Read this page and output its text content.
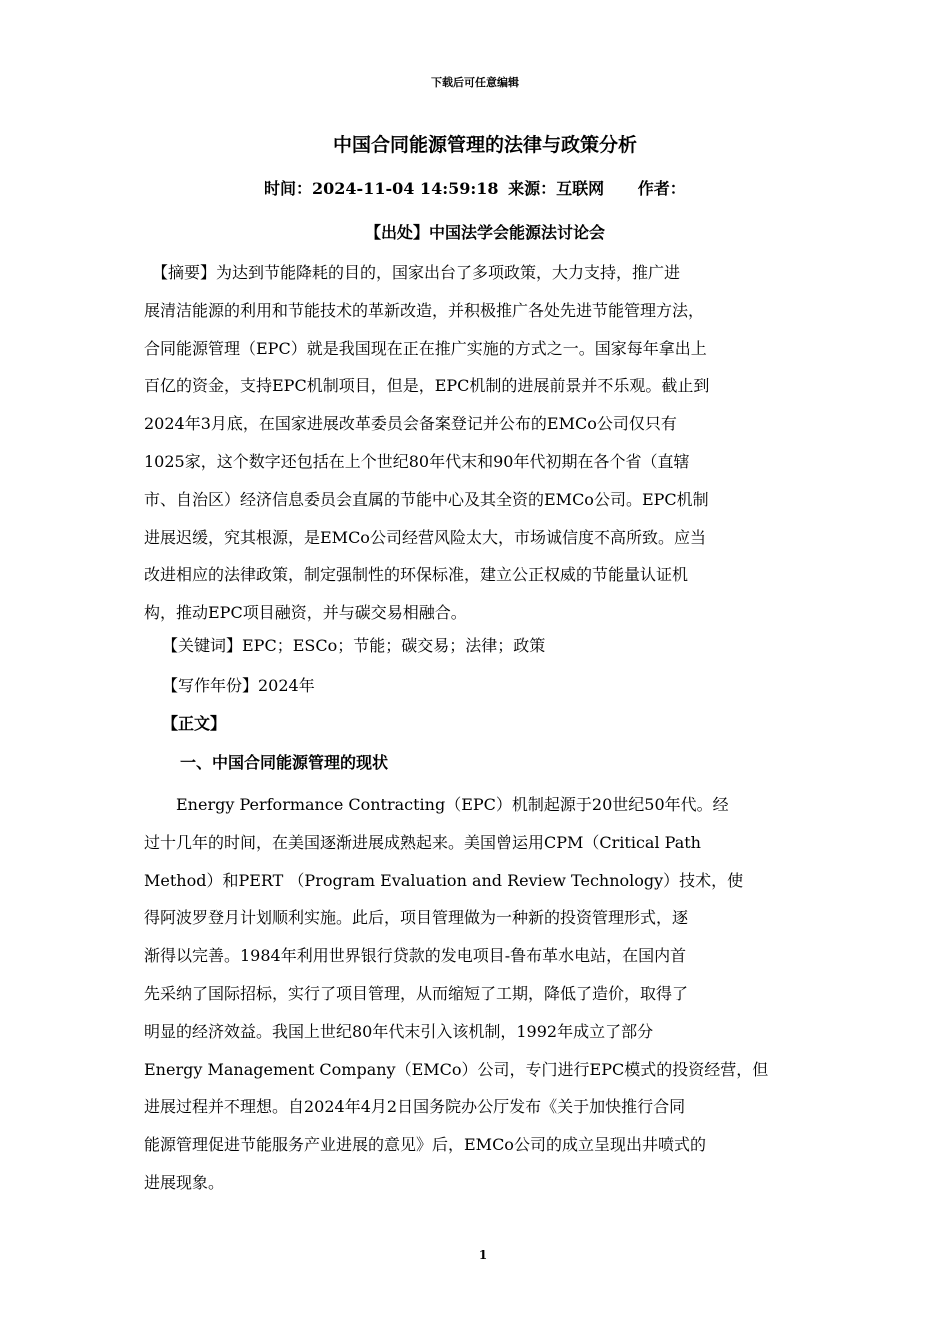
下载后可任意编辑
中国合同能源管理的法律与政策分析
时间：2024-11-04 14:59:18 来源：互联网 作者：
【出处】中国法学会能源法讨论会

　【摘要】为达到节能降耗的目的，国家出台了多项政策，大力支持，推广进

展清洁能源的利用和节能技术的革新改造，并积极推广各处先进节能管理方法，

合同能源管理（EPC）就是我国现在正在推广实施的方式之一。国家每年拿出上

百亿的资金，支持EPC机制项目，但是，EPC机制的进展前景并不乐观。截止到

2024年3月底，在国家进展改革委员会备案登记并公布的EMCo公司仅只有

1025家，这个数字还包括在上个世纪80年代末和90年代初期在各个省（直辖

市、自治区）经济信息委员会直属的节能中心及其全资的EMCo公司。EPC机制

进展迟缓，究其根源，是EMCo公司经营风险太大，市场诚信度不高所致。应当

改进相应的法律政策，制定强制性的环保标准，建立公正权威的节能量认证机

构，推动EPC项目融资，并与碳交易相融合。

【关键词】EPC；ESCo；节能；碳交易；法律；政策
【写作年份】2024年
【正文】
一、中国合同能源管理的现状

　　Energy Performance Contracting（EPC）机制起源于20世纪50年代。经

过十几年的时间，在美国逐渐进展成熟起来。美国曾运用CPM（Critical Path

Method）和PERT （Program Evaluation and Review Technology）技术，使

得阿波罗登月计划顺利实施。此后，项目管理做为一种新的投资管理形式，逐

渐得以完善。1984年利用世界银行贷款的发电项目-鲁布革水电站，在国内首

先采纳了国际招标，实行了项目管理，从而缩短了工期，降低了造价，取得了

明显的经济效益。我国上世纪80年代末引入该机制，1992年成立了部分

Energy Management Company（EMCo）公司，专门进行EPC模式的投资经营，但

进展过程并不理想。自2024年4月2日国务院办公厅发布《关于加快推行合同

能源管理促进节能服务产业进展的意见》后，EMCo公司的成立呈现出井喷式的

进展现象。

1
